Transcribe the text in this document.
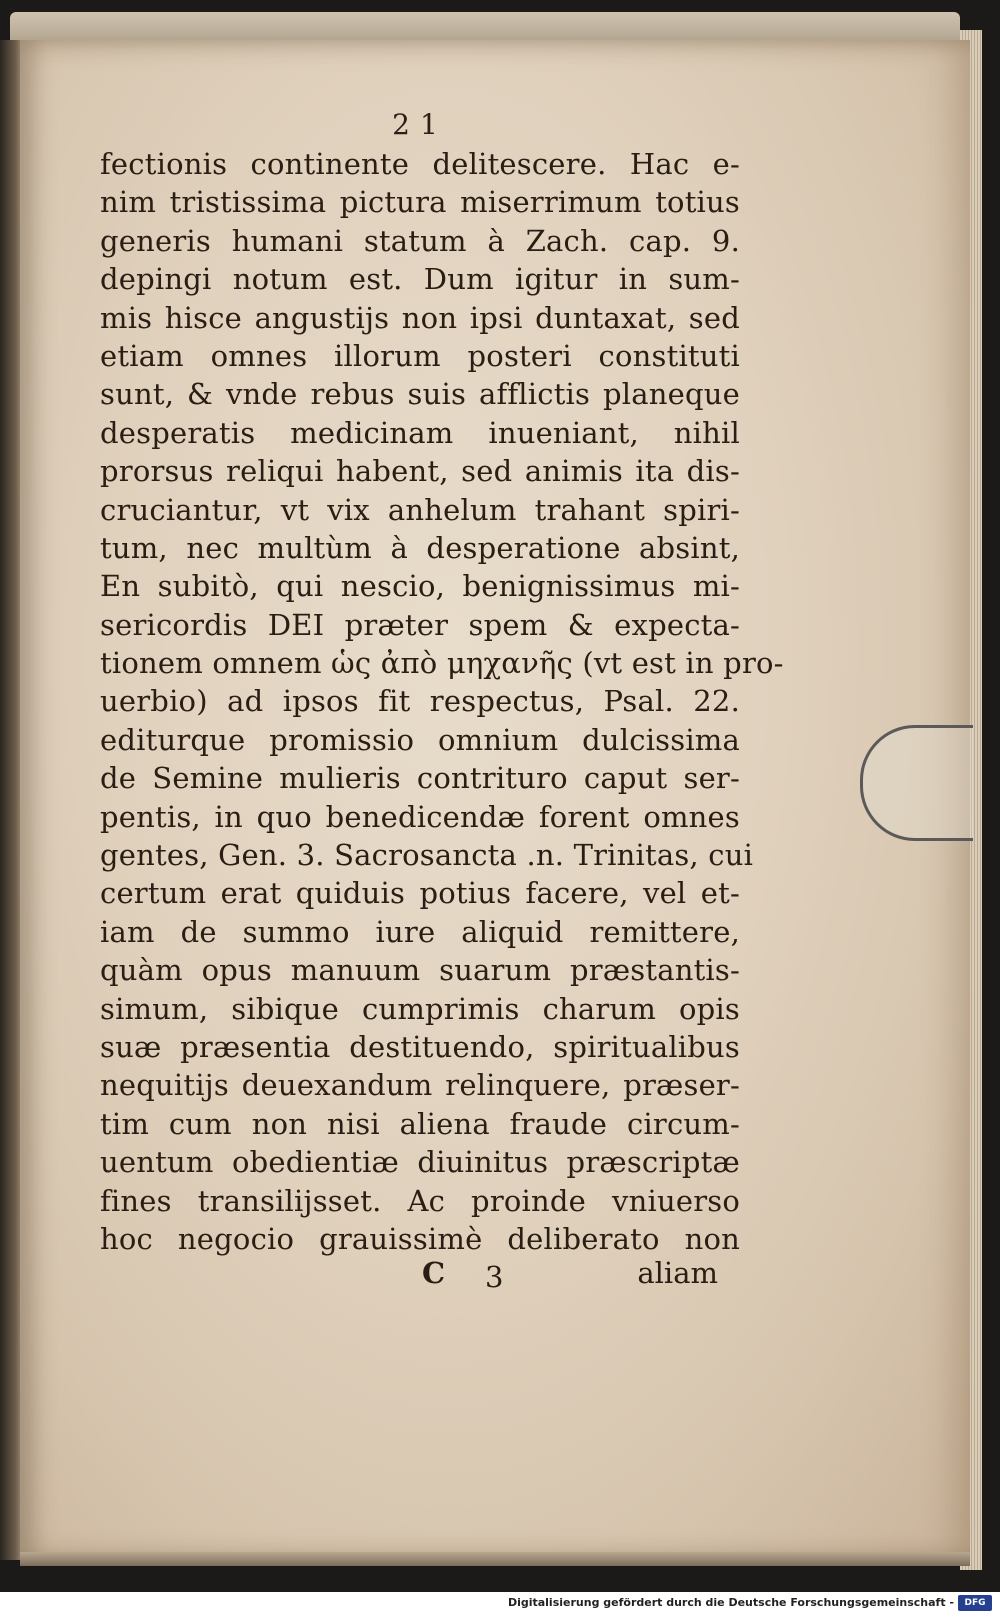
21
fectionis continente delitescere. Hac e-
nim tristissima pictura miserrimum totius
generis humani statum à Zach. cap. 9.
depingi notum est. Dum igitur in sum-
mis hisce angustijs non ipsi duntaxat, sed
etiam omnes illorum posteri constituti
sunt, & vnde rebus suis afflictis planeque
desperatis medicinam inueniant, nihil
prorsus reliqui habent, sed animis ita dis-
cruciantur, vt vix anhelum trahant spiri-
tum, nec multùm à desperatione absint,
En subitò, qui nescio, benignissimus mi-
sericordis DEI præter spem & expecta-
tionem omnem ὡς ἀπὸ μηχανῆς (vt est in pro-
uerbio) ad ipsos fit respectus, Psal. 22.
editurque promissio omnium dulcissima
de Semine mulieris contrituro caput ser-
pentis, in quo benedicendæ forent omnes
gentes, Gen. 3. Sacrosancta .n. Trinitas, cui
certum erat quiduis potius facere, vel et-
iam de summo iure aliquid remittere,
quàm opus manuum suarum præstantis-
simum, sibique cumprimis charum opis
suæ præsentia destituendo, spiritualibus
nequitijs deuexandum relinquere, præser-
tim cum non nisi aliena fraude circum-
uentum obedientiæ diuinitus præscriptæ
fines transilijsset. Ac proinde vniuerso
hoc negocio grauissimè deliberato non
C 3	aliam
Digitalisierung gefördert durch die Deutsche Forschungsgemeinschaft -	DFG
